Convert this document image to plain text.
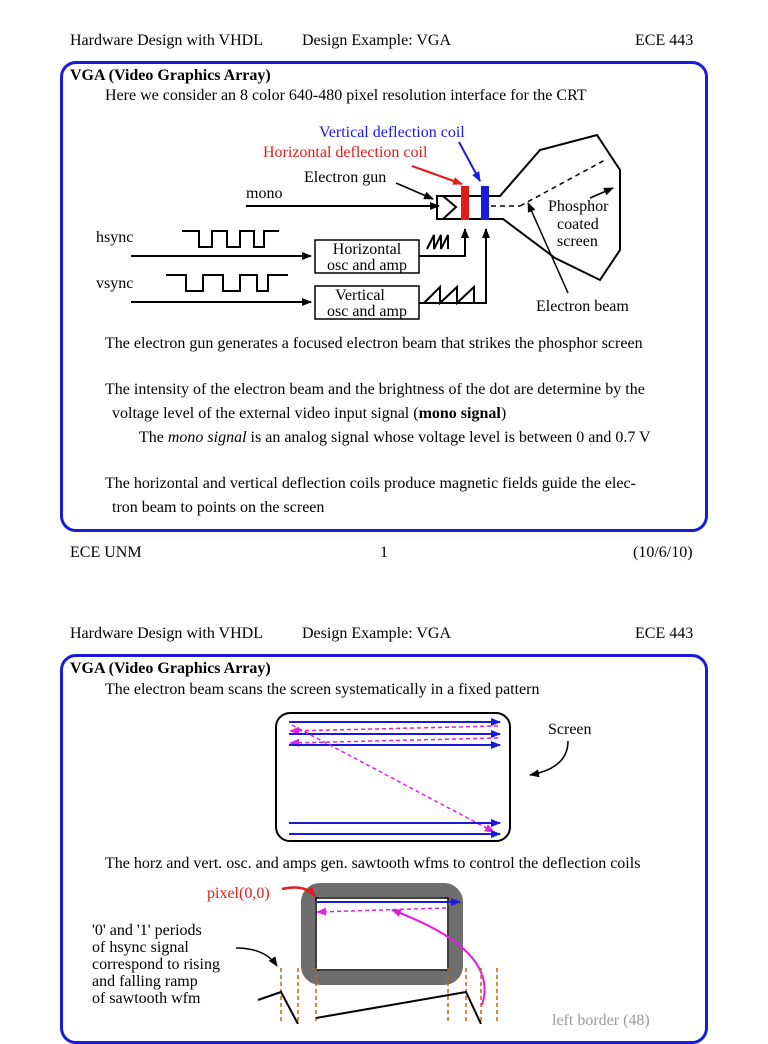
Hardware Design with VHDL Design Example: VGA	ECE 443
VGA (Video Graphics Array)
Here we consider an 8 color 640-480 pixel resolution interface for the CRT
Vertical deflection coil
Horizontal deflection coil
Electron gun
mono
hsync
vsync
Phosphor
coated
screen
Electron beam
Horizontal
osc and amp
Vertical
osc and amp
Screen
pixel(0,0)
The electron gun generates a focused electron beam that strikes the phosphor screen
The intensity of the electron beam and the brightness of the dot are determine by the
voltage level of the external video input signal (mono signal)
The mono signal is an analog signal whose voltage level is between 0 and 0.7 V
The horizontal and vertical deflection coils produce magnetic fields guide the elec-
tron beam to points on the screen
ECE UNM	1	(10/6/10)
Hardware Design with VHDL Design Example: VGA	ECE 443
VGA (Video Graphics Array)
The electron beam scans the screen systematically in a fixed pattern
The horz and vert. osc. and amps gen. sawtooth wfms to control the deflection coils
'0' and '1' periods
of hsync signal
correspond to rising
and falling ramp
of sawtooth wfm
left border (48)
